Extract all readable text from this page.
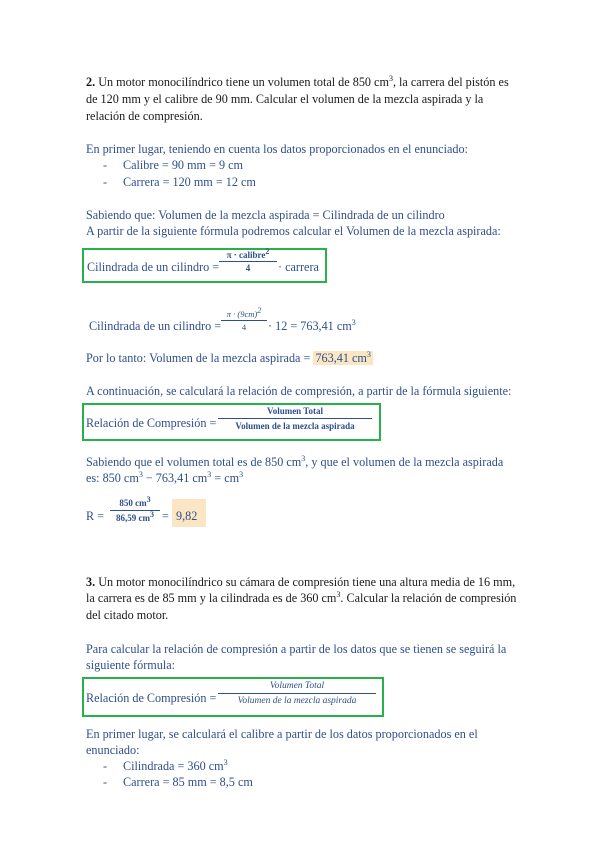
2. Un motor monocilíndrico tiene un volumen total de 850 $cm^3$, la carrera del pistón es
de 120 mm y el calibre de 90 mm. Calcular el volumen de la mezcla aspirada y la
relación de compresión.
En primer lugar, teniendo en cuenta los datos proporcionados en el enunciado:
- Calibre = 90 mm = 9 cm
- Carrera = 120 mm = 12 cm
Sabiendo que: Volumen de la mezcla aspirada = Cilindrada de un cilindro
A partir de la siguiente fórmula podremos calcular el Volumen de la mezcla aspirada:
Cilindrada de un cilindro =
π · calibre$^2$
4	· carrera
Cilindrada de un cilindro =
$\pi \cdot (9cm)^2$
4	· 12 = 763,41 $cm^3$
Por lo tanto: Volumen de la mezcla aspirada = 763,41 $cm^3$
A continuación, se calculará la relación de compresión, a partir de la fórmula siguiente:
Relación de Compresión =
Volumen Total
Volumen de la mezcla aspirada
Sabiendo que el volumen total es de 850 $cm^3$, y que el volumen de la mezcla aspirada
es: 850 $cm^3 - 763,41$ $cm^3 = cm^3$
R =
850 $cm^3$
86,59 $cm^3 = 9,82$
3. Un motor monocilíndrico su cámara de compresión tiene una altura media de 16 mm,
la carrera es de 85 mm y la cilindrada es de 360 $cm^3$. Calcular la relación de compresión
del citado motor.
Para calcular la relación de compresión a partir de los datos que se tienen se seguirá la
siguiente fórmula:
Relación de Compresión =
Volumen Total
Volumen de la mezcla aspirada
En primer lugar, se calculará el calibre a partir de los datos proporcionados en el
enunciado:
- Cilindrada = 360 $cm^3$
- Carrera = 85 mm = 8,5 cm
